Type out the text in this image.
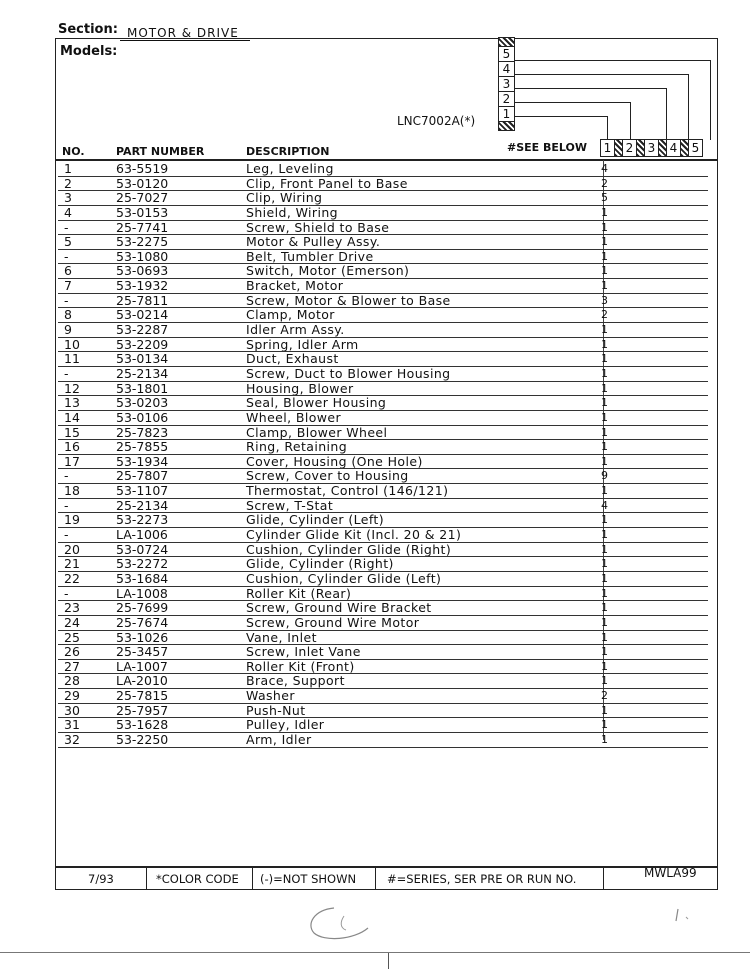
Section: MOTOR & DRIVE
Models:
LNC7002A(*)
5
4
3
2
1
NO.	PART NUMBER	DESCRIPTION	#SEE BELOW	1	2	3	4	5
1	63-5519	Leg, Leveling	4
2	53-0120	Clip, Front Panel to Base	2
3	25-7027	Clip, Wiring	5
4	53-0153	Shield, Wiring	1
-	25-7741	Screw, Shield to Base	1
5	53-2275	Motor & Pulley Assy.	1
-	53-1080	Belt, Tumbler Drive	1
6	53-0693	Switch, Motor (Emerson)	1
7	53-1932	Bracket, Motor	1
-	25-7811	Screw, Motor & Blower to Base	3
8	53-0214	Clamp, Motor	2
9	53-2287	Idler Arm Assy.	1
10	53-2209	Spring, Idler Arm	1
11	53-0134	Duct, Exhaust	1
-	25-2134	Screw, Duct to Blower Housing	1
12	53-1801	Housing, Blower	1
13	53-0203	Seal, Blower Housing	1
14	53-0106	Wheel, Blower	1
15	25-7823	Clamp, Blower Wheel	1
16	25-7855	Ring, Retaining	1
17	53-1934	Cover, Housing (One Hole)	1
-	25-7807	Screw, Cover to Housing	9
18	53-1107	Thermostat, Control (146/121)	1
-	25-2134	Screw, T-Stat	4
19	53-2273	Glide, Cylinder (Left)	1
-	LA-1006	Cylinder Glide Kit (Incl. 20 & 21)	1
20	53-0724	Cushion, Cylinder Glide (Right)	1
21	53-2272	Glide, Cylinder (Right)	1
22	53-1684	Cushion, Cylinder Glide (Left)	1
-	LA-1008	Roller Kit (Rear)	1
23	25-7699	Screw, Ground Wire Bracket	1
24	25-7674	Screw, Ground Wire Motor	1
25	53-1026	Vane, Inlet	1
26	25-3457	Screw, Inlet Vane	1
27	LA-1007	Roller Kit (Front)	1
28	LA-2010	Brace, Support	1
29	25-7815	Washer	2
30	25-7957	Push-Nut	1
31	53-1628	Pulley, Idler	1
32	53-2250	Arm, Idler	1
7/93	*COLOR CODE (-)=NOT SHOWN	#=SERIES, SER PRE OR RUN NO.	MWLA99
